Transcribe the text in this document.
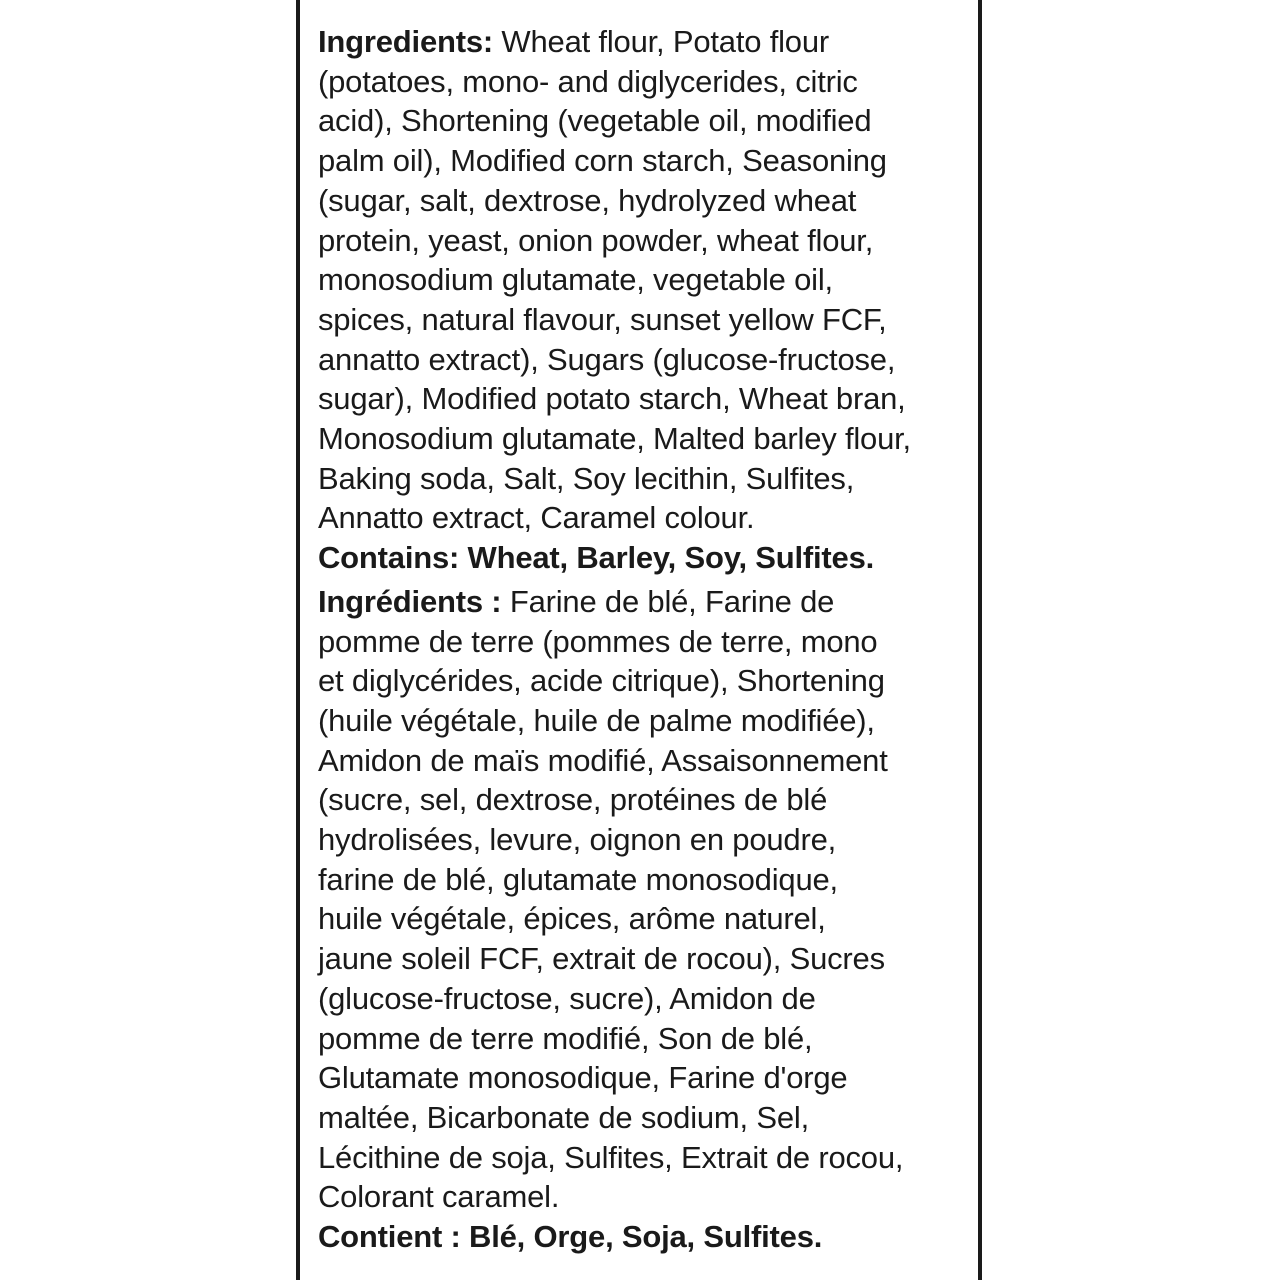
Ingredients: Wheat flour, Potato flour
(potatoes, mono- and diglycerides, citric
acid), Shortening (vegetable oil, modified
palm oil), Modified corn starch, Seasoning
(sugar, salt, dextrose, hydrolyzed wheat
protein, yeast, onion powder, wheat flour,
monosodium glutamate, vegetable oil,
spices, natural flavour, sunset yellow FCF,
annatto extract), Sugars (glucose-fructose,
sugar), Modified potato starch, Wheat bran,
Monosodium glutamate, Malted barley flour,
Baking soda, Salt, Soy lecithin, Sulfites,
Annatto extract, Caramel colour.
Contains: Wheat, Barley, Soy, Sulfites.
Ingrédients : Farine de blé, Farine de
pomme de terre (pommes de terre, mono
et diglycérides, acide citrique), Shortening
(huile végétale, huile de palme modifiée),
Amidon de maïs modifié, Assaisonnement
(sucre, sel, dextrose, protéines de blé
hydrolisées, levure, oignon en poudre,
farine de blé, glutamate monosodique,
huile végétale, épices, arôme naturel,
jaune soleil FCF, extrait de rocou), Sucres
(glucose-fructose, sucre), Amidon de
pomme de terre modifié, Son de blé,
Glutamate monosodique, Farine d'orge
maltée, Bicarbonate de sodium, Sel,
Lécithine de soja, Sulfites, Extrait de rocou,
Colorant caramel.
Contient : Blé, Orge, Soja, Sulfites.
